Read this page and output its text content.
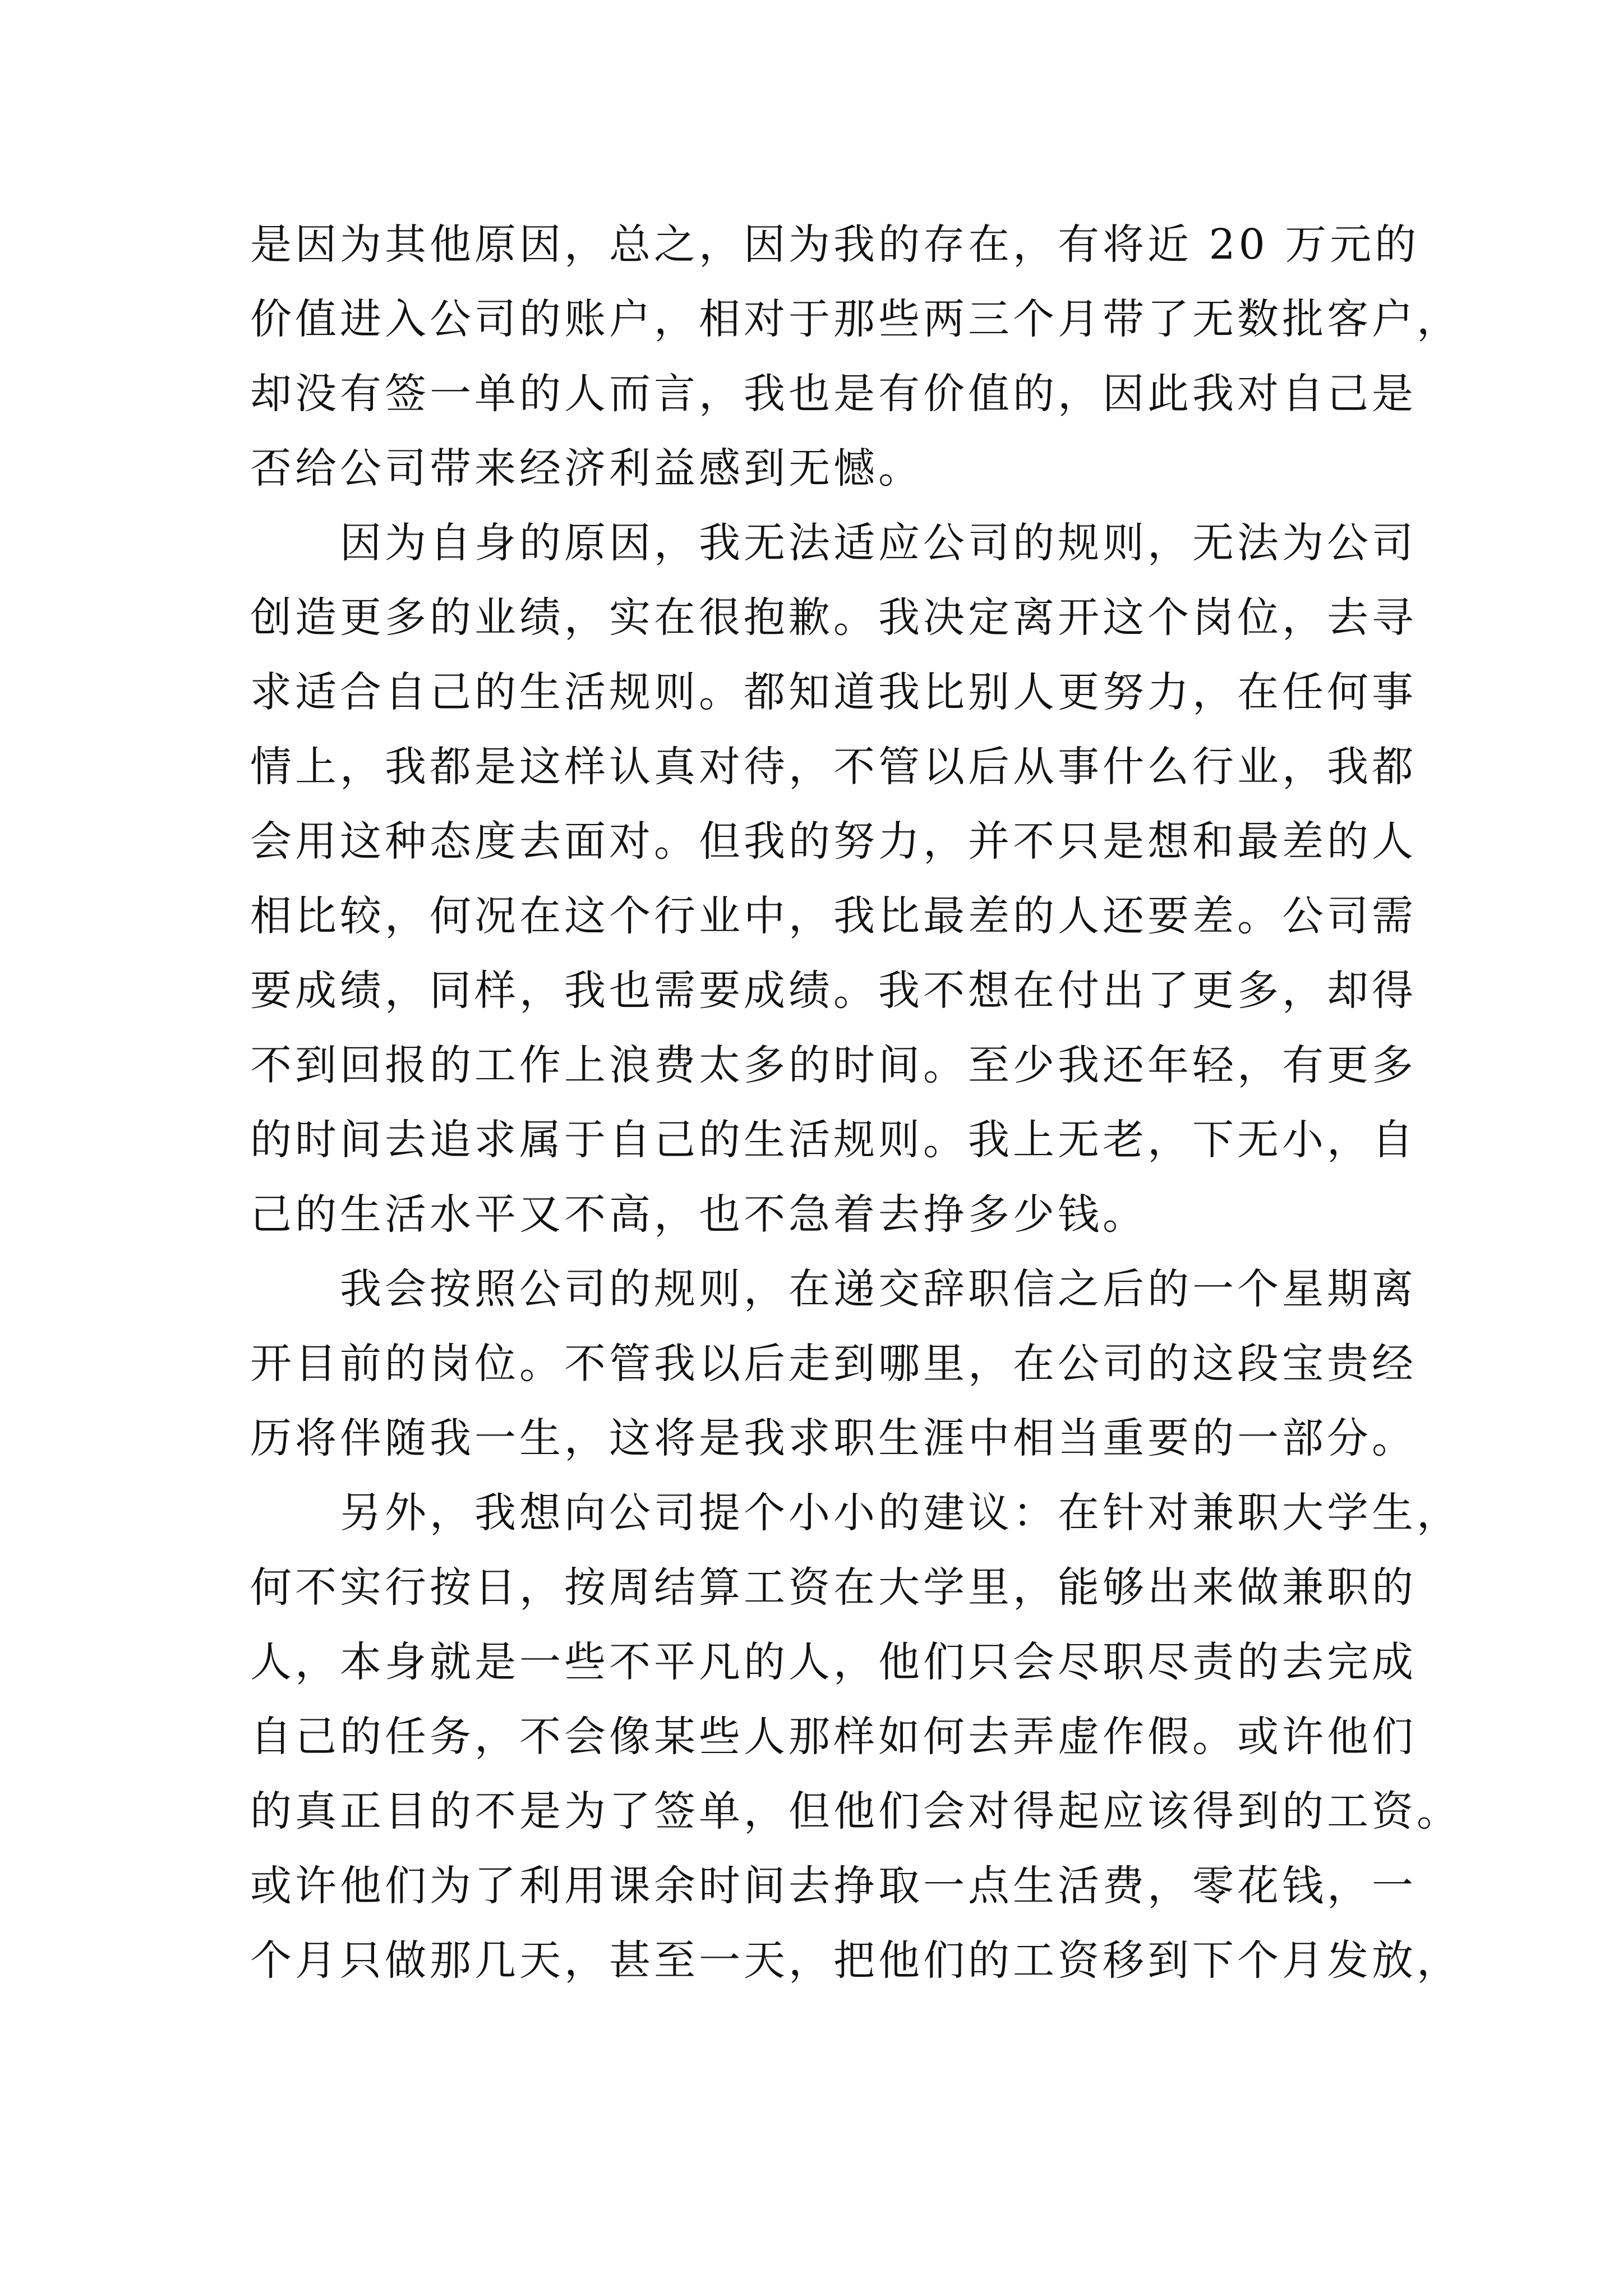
是因为其他原因，总之，因为我的存在，有将近 20 万元的
价值进入公司的账户，相对于那些两三个月带了无数批客户，
却没有签一单的人而言，我也是有价值的，因此我对自己是
否给公司带来经济利益感到无憾。
　　因为自身的原因，我无法适应公司的规则，无法为公司
创造更多的业绩，实在很抱歉。我决定离开这个岗位，去寻
求适合自己的生活规则。都知道我比别人更努力，在任何事
情上，我都是这样认真对待，不管以后从事什么行业，我都
会用这种态度去面对。但我的努力，并不只是想和最差的人
相比较，何况在这个行业中，我比最差的人还要差。公司需
要成绩，同样，我也需要成绩。我不想在付出了更多，却得
不到回报的工作上浪费太多的时间。至少我还年轻，有更多
的时间去追求属于自己的生活规则。我上无老，下无小，自
己的生活水平又不高，也不急着去挣多少钱。
　　我会按照公司的规则，在递交辞职信之后的一个星期离
开目前的岗位。不管我以后走到哪里，在公司的这段宝贵经
历将伴随我一生，这将是我求职生涯中相当重要的一部分。
　　另外，我想向公司提个小小的建议：在针对兼职大学生，
何不实行按日，按周结算工资在大学里，能够出来做兼职的
人，本身就是一些不平凡的人，他们只会尽职尽责的去完成
自己的任务，不会像某些人那样如何去弄虚作假。或许他们
的真正目的不是为了签单，但他们会对得起应该得到的工资。
或许他们为了利用课余时间去挣取一点生活费，零花钱，一
个月只做那几天，甚至一天，把他们的工资移到下个月发放，
